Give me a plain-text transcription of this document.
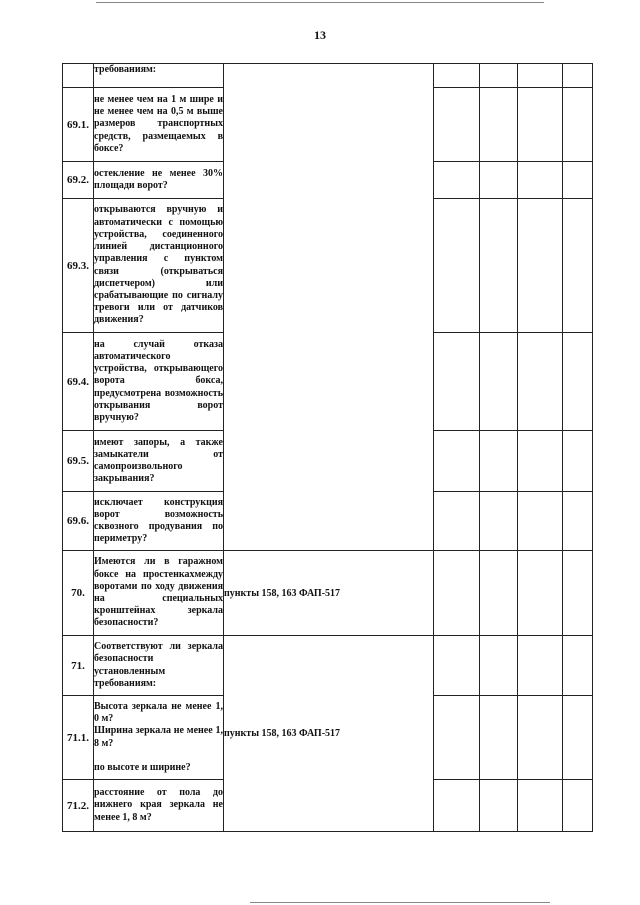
13

	требованиям:					

69.1.	не менее чем на 1 м шире и не менее чем на 0,5 м выше размеров транспортных средств, размещаемых в боксе?					

69.2.	остекление не менее 30% площади ворот?					

69.3.	открываются вручную и автоматически с помощью устройства, соединенного линией дистанционного управления с пунктом связи (открываться диспетчером) или срабатывающие по сигналу тревоги или от датчиков движения?					

69.4.	на случай отказа автоматического устройства, открывающего ворота бокса, предусмотрена возможность открывания ворот вручную?					

69.5.	имеют запоры, а также замыкатели от самопроизвольного закрывания?					

69.6.	исключает конструкция ворот возможность сквозного продувания по периметру?					

70.	Имеются ли в гаражном боксе на простенкахмежду воротами по ходу движения на специальных кронштейнах зеркала безопасности?	пункты 158, 163 ФАП-517				
71.	Соответствуют ли зеркала безопасности установленным требованиям:	пункты 158, 163 ФАП-517				
71.1.	Высота зеркала не менее 1, 0 м?
Ширина зеркала не менее 1, 8 м?
по высоте и ширине?					

71.2.	расстояние от пола до нижнего края зеркала не менее 1, 8 м?					
